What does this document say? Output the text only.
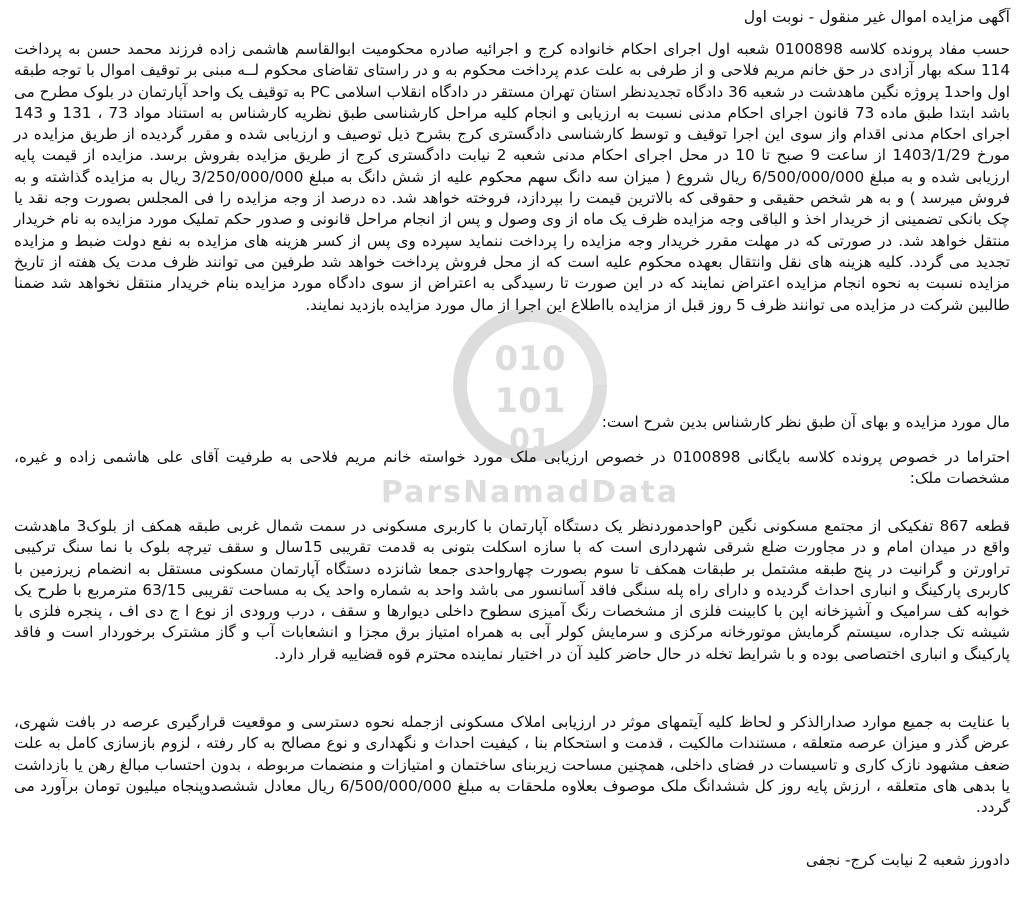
010
101
01
ParsNamadData
آگهی مزایده اموال غیر منقول - نوبت اول
حسب مفاد پرونده کلاسه 0100898 شعبه اول اجرای احکام خانواده کرج و اجرائیه صادره محکومیت ابوالقاسم هاشمی زاده فرزند محمد حسن به پرداخت 114 سکه بهار آزادی در حق خانم مریم فلاحی و از طرفی به علت عدم پرداخت محکوم به و در راستای تقاضای محکوم لــه مبنی بر توقیف اموال با توجه طبقه اول واحد1 پروژه نگین ماهدشت در شعبه 36 دادگاه تجدیدنظر استان تهران مستقر در دادگاه انقلاب اسلامی PC به توقیف یک واحد آپارتمان در بلوک مطرح می باشد ابتدا طبق ماده 73 قانون اجرای احکام مدنی نسبت به ارزیابی و انجام کلیه مراحل کارشناسی طبق نظریه کارشناس به استناد مواد 73 ، 131 و 143 اجرای احکام مدنی اقدام واز سوی این اجرا توقیف و توسط کارشناسی دادگستری کرج بشرح ذیل توصیف و ارزیابی شده و مقرر گردیده از طریق مزایده در مورخ 1403/1/29 از ساعت 9 صبح تا 10 در محل اجرای احکام مدنی شعبه 2 نیابت دادگستری کرج از طریق مزایده بفروش برسد. مزایده از قیمت پایه ارزیابی شده و به مبلغ 6/500/000/000 ریال شروع ( میزان سه دانگ سهم محکوم علیه از شش دانگ به مبلغ 3/250/000/000 ریال به مزایده گذاشته و به فروش میرسد ) و به هر شخص حقیقی و حقوقی که بالاترین قیمت را بپردازد، فروخته خواهد شد. ده درصد از وجه مزایده را فی المجلس بصورت وجه نقد یا چک بانکی تضمینی از خریدار اخذ و الباقی وجه مزایده ظرف یک ماه از وی وصول و پس از انجام مراحل قانونی و صدور حکم تملیک مورد مزایده به نام خریدار منتقل خواهد شد. در صورتی که در مهلت مقرر خریدار وجه مزایده را پرداخت ننماید سپرده وی پس از کسر هزینه های مزایده به نفع دولت ضبط و مزایده تجدید می گردد. کلیه هزینه های نقل وانتقال بعهده محکوم علیه است که از محل فروش پرداخت خواهد شد طرفین می توانند ظرف مدت یک هفته از تاریخ مزایده نسبت به نحوه انجام مزایده اعتراض نمایند که در این صورت تا رسیدگی به اعتراض از سوی دادگاه مورد مزایده بنام خریدار منتقل نخواهد شد ضمنا طالبین شرکت در مزایده می توانند ظرف 5 روز قبل از مزایده بااطلاع این اجرا از مال مورد مزایده بازدید نمایند.
مال مورد مزایده و بهای آن طبق نظر کارشناس بدین شرح است:
احتراما در خصوص پرونده کلاسه بایگانی 0100898 در خصوص ارزیابی ملک مورد خواسته خانم مریم فلاحی به طرفیت آقای علی هاشمی زاده و غیره، مشخصات ملک:
قطعه 867 تفکیکی از مجتمع مسکونی نگین Pواحدموردنظر یک دستگاه آپارتمان با کاربری مسکونی در سمت شمال غربی طبقه همکف از بلوک3 ماهدشت واقع در میدان امام و در مجاورت ضلع شرقی شهرداری است که با سازه اسکلت بتونی به قدمت تقریبی 15سال و سقف تیرچه بلوک با نما سنگ ترکیبی تراورتن و گرانیت در پنج طبقه مشتمل بر طبقات همکف تا سوم بصورت چهارواحدی جمعا شانزده دستگاه آپارتمان مسکونی مستقل به انضمام زیرزمین با کاربری پارکینگ و انباری احداث گردیده و دارای راه پله سنگی فاقد آسانسور می باشد واحد به شماره واحد یک به مساحت تقریبی 63/15 مترمربع با طرح یک خوابه کف سرامیک و آشپزخانه اپن با کابینت فلزی از مشخصات رنگ آمیزی سطوح داخلی دیوارها و سقف ، درب ورودی از نوع ا ج دی اف ، پنجره فلزی با شیشه تک جداره، سیستم گرمایش موتورخانه مرکزی و سرمایش کولر آبی به همراه امتیاز برق مجزا و انشعابات آب و گاز مشترک برخوردار است و فاقد پارکینگ و انباری اختصاصی بوده و با شرایط تخله در حال حاضر کلید آن در اختیار نماینده محترم قوه قضاییه قرار دارد.
با عنایت به جمیع موارد صدارالذکر و لحاظ کلیه آیتمهای موثر در ارزیابی املاک مسکونی ازجمله نحوه دسترسی و موقعیت قرارگیری عرصه در بافت شهری، عرض گذر و میزان عرصه متعلقه ، مستندات مالکیت ، قدمت و استحکام بنا ، کیفیت احداث و نگهداری و نوع مصالح به کار رفته ، لزوم بازسازی کامل به علت ضعف مشهود نازک کاری و تاسیسات در فضای داخلی، همچنین مساحت زیربنای ساختمان و امتیازات و منضمات مربوطه ، بدون احتساب مبالغ رهن یا بازداشت یا بدهی های متعلقه ، ارزش پایه روز کل ششدانگ ملک موصوف بعلاوه ملحقات به مبلغ 6/500/000/000 ریال معادل ششصدوپنجاه میلیون تومان برآورد می گردد.
دادورز شعبه 2 نیابت کرج- نجفی
